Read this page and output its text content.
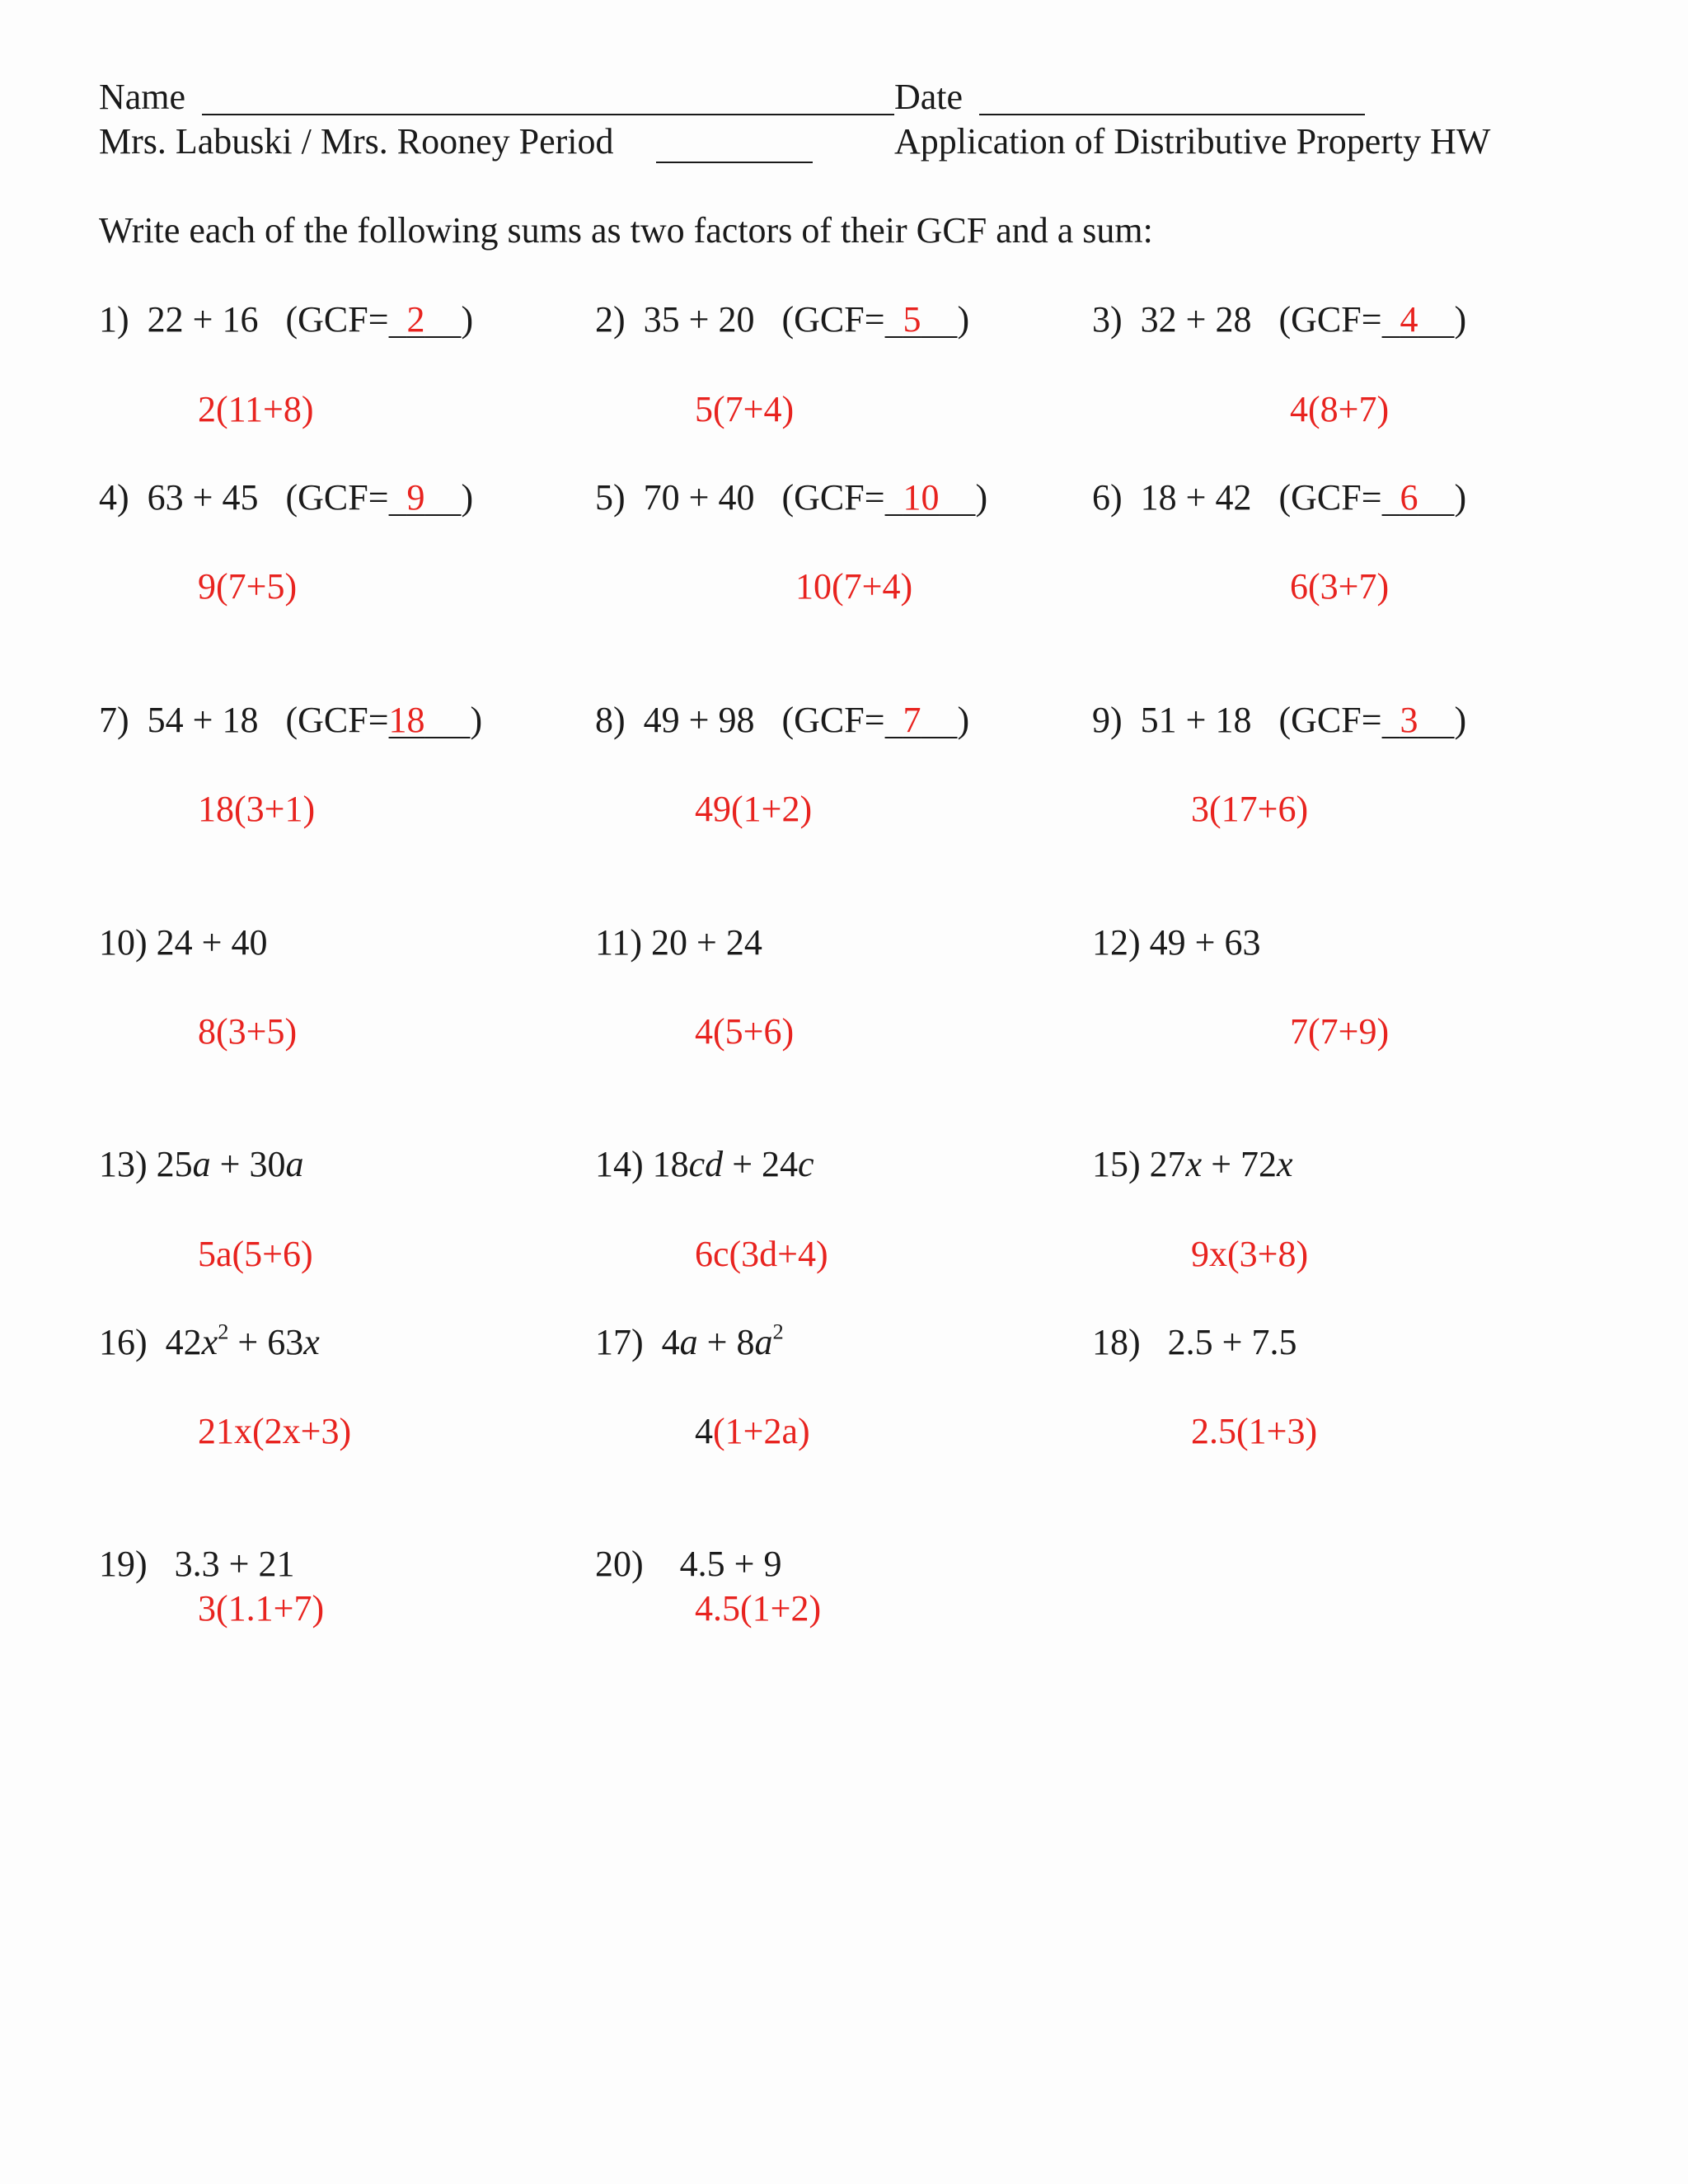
Name	Date
Mrs. Labuski / Mrs. Rooney Period	Application of Distributive Property HW
Write each of the following sums as two factors of their GCF and a sum:
1) 22 + 16 (GCF= 2 )
2(11+8)
2) 35 + 20 (GCF= 5 )
5(7+4)
3) 32 + 28 (GCF= 4 )
4(8+7)
4) 63 + 45 (GCF= 9 )
9(7+5)
5) 70 + 40 (GCF= 10 )
10(7+4)
6) 18 + 42 (GCF= 6 )
6(3+7)
7) 54 + 18 (GCF=18 )
18(3+1)
8) 49 + 98 (GCF= 7 )
49(1+2)
9) 51 + 18 (GCF= 3 )
3(17+6)
10) 24 + 40
8(3+5)
11) 20 + 24
4(5+6)
12) 49 + 63
7(7+9)
13) 25a + 30a
5a(5+6)
14) 18cd + 24c
6c(3d+4)
15) 27x + 72x
9x(3+8)
16) $42x^2 + 63x$
21x(2x+3)
17) $4a + 8a^2$
4(1+2a)
18) 2.5 + 7.5
2.5(1+3)
19) 3.3 + 21
3(1.1+7)
20) 4.5 + 9
4.5(1+2)
